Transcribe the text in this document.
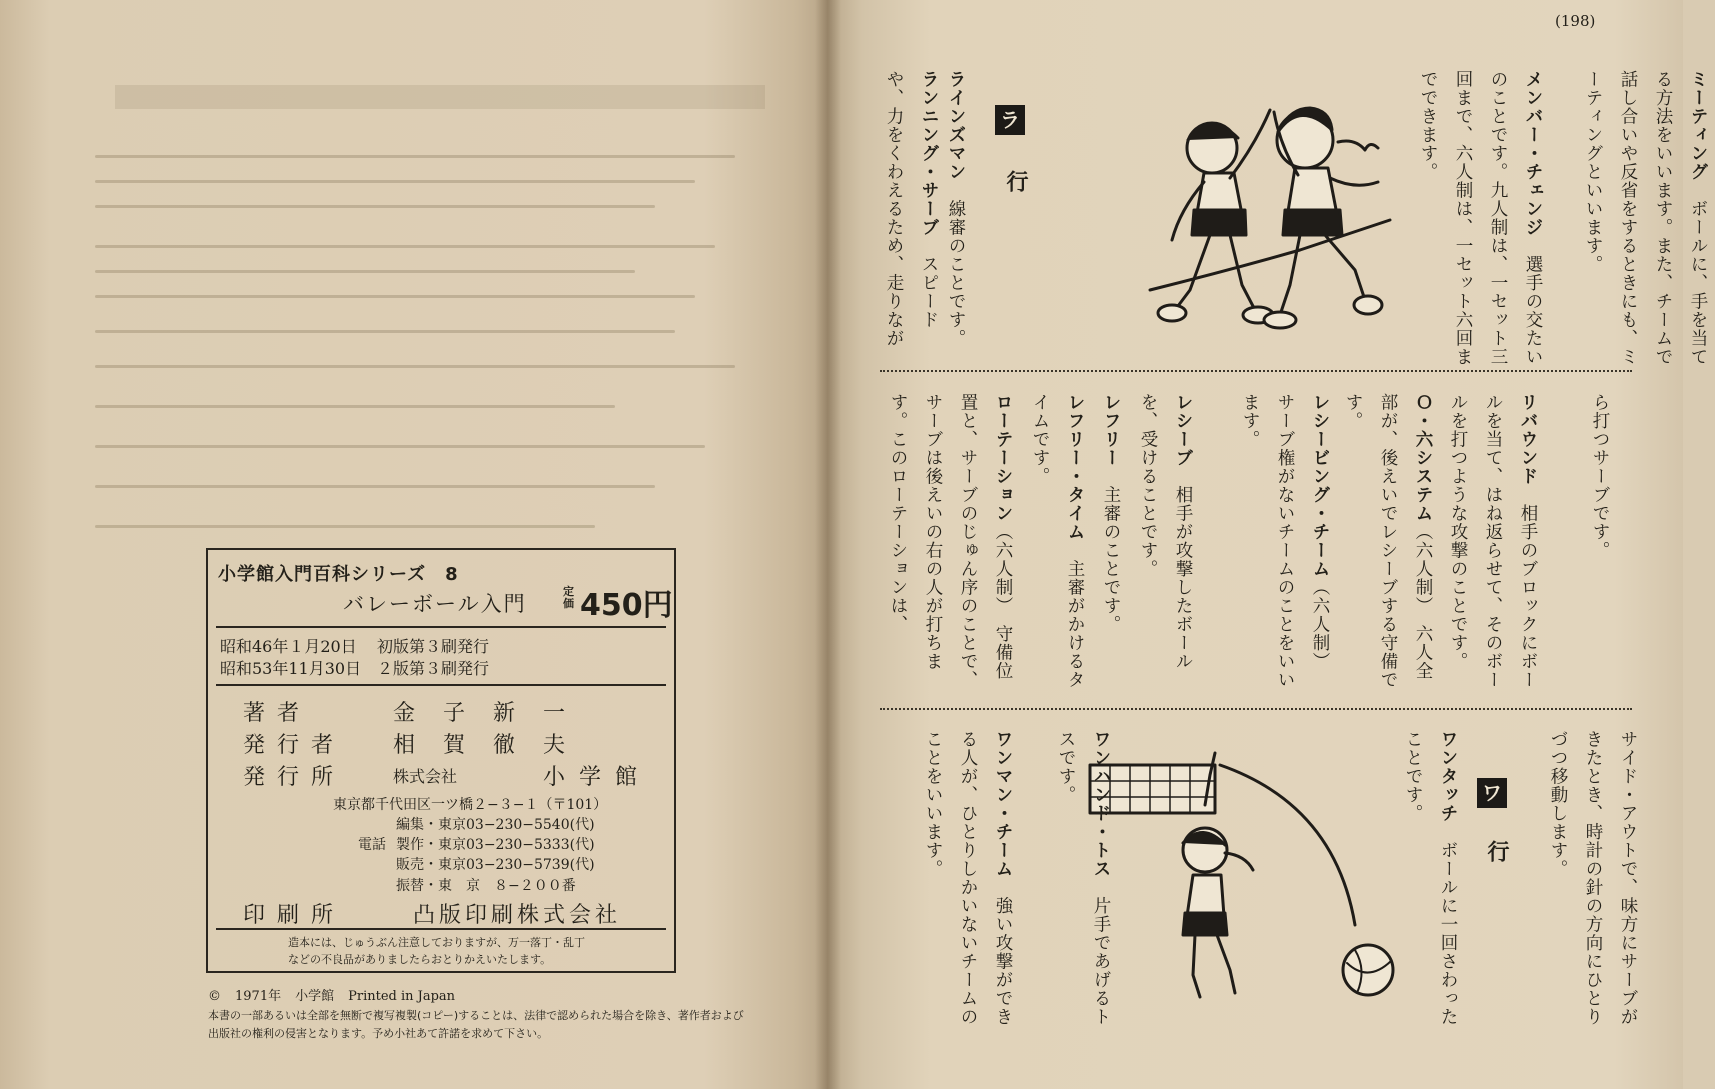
小学館入門百科シリーズ　8
バレーボール入門
定価 450円
昭和46年１月20日 初版第３刷発行
昭和53年11月30日 ２版第３刷発行
著者	金子新一
発行者	相賀徹夫
発行所	株式会社	小学館
東京都千代田区一ツ橋２−３−１（〒101）
編集・東京03−230−5540(代)
電話 製作・東京03−230−5333(代)
販売・東京03−230−5739(代)
振替・東　京　８−２００番
印刷所	凸版印刷株式会社
造本には、じゅうぶん注意しておりますが、万一落丁・乱丁などの不良品がありましたらおとりかえいたします。
© 1971年 小学館 Printed in Japan
本書の一部あるいは全部を無断で複写複製(コピー)することは、法律で認められた場合を除き、著作者および出版社の権利の侵害となります。予め小社あて許諾を求めて下さい。
(198)

ミーティング　ボールに、手を当てる方法をいいます。また、チームで話し合いや反省をするときにも、ミーティングといいます。

メンバー・チェンジ　選手の交たいのことです。九人制は、一セット三回まで、六人制は、一セット六回までできます。

ラ
行

ラインズマン　線審のことです。

ランニング・サーブ　スピードや、力をくわえるため、走りなが

ら打つサーブです。

リバウンド　相手のブロックにボールを当て、はね返らせて、そのボールを打つような攻撃のことです。

Ｏ・六システム（六人制）　六人全部が、後えいでレシーブする守備です。

レシービング・チーム（六人制）　サーブ権がないチームのことをいいます。

レシーブ　相手が攻撃したボールを、受けることです。

レフリー　主審のことです。

レフリー・タイム　主審がかけるタイムです。

ローテーション（六人制）　守備位置と、サーブのじゅん序のことで、サーブは後えいの右の人が打ちます。このローテーションは、

サイド・アウトで、味方にサーブがきたとき、時計の針の方向にひとりづつ移動します。
ワ
行

ワンタッチ　ボールに一回さわったことです。

ワンハンド・トス　片手であげるトスです。

ワンマン・チーム　強い攻撃ができる人が、ひとりしかいないチームのことをいいます。
